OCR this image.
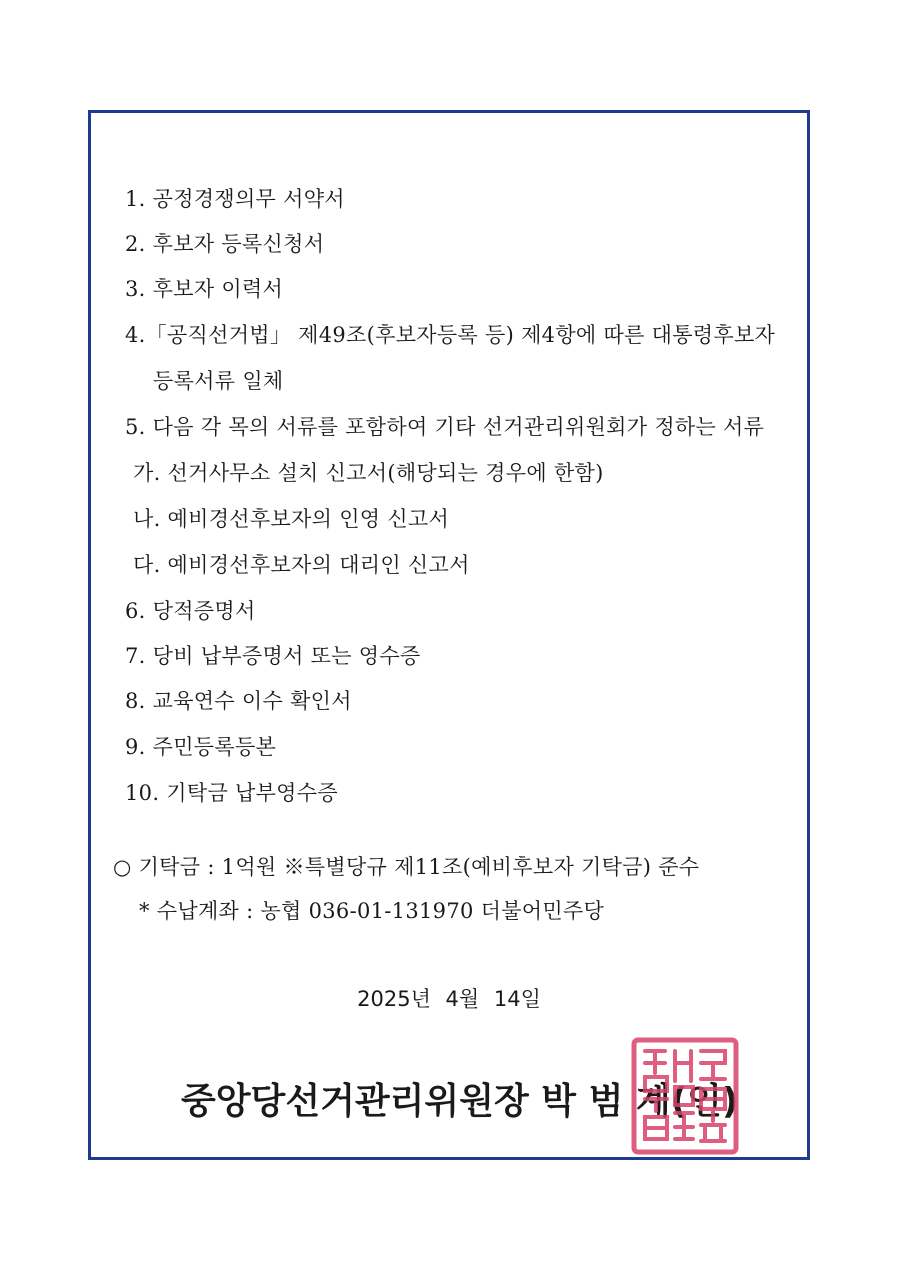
1. 공정경쟁의무 서약서
2. 후보자 등록신청서
3. 후보자 이력서
4.「공직선거법」 제49조(후보자등록 등) 제4항에 따른 대통령후보자
등록서류 일체
5. 다음 각 목의 서류를 포함하여 기타 선거관리위원회가 정하는 서류
가. 선거사무소 설치 신고서(해당되는 경우에 한함)
나. 예비경선후보자의 인영 신고서
다. 예비경선후보자의 대리인 신고서
6. 당적증명서
7. 당비 납부증명서 또는 영수증
8. 교육연수 이수 확인서
9. 주민등록등본
10. 기탁금 납부영수증
○ 기탁금 : 1억원 ※특별당규 제11조(예비후보자 기탁금) 준수
* 수납계좌 : 농협 036-01-131970 더불어민주당
2025년 4월 14일
중앙당선거관리위원장 박 범 계(인)
